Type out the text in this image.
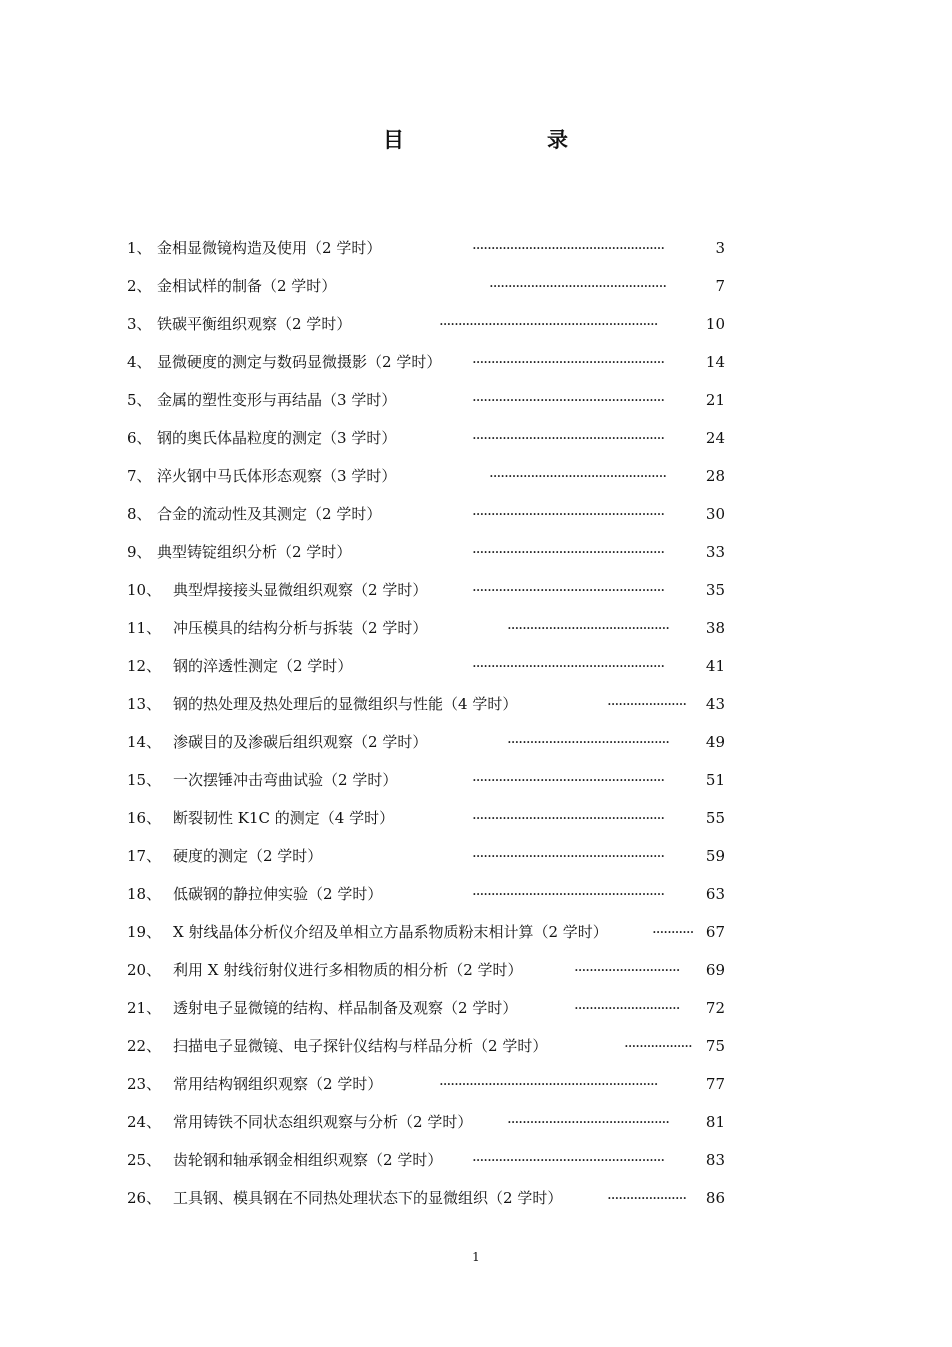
目	录
1、 金相显微镜构造及使用（2 学时）	···················································	3
2、 金相试样的制备（2 学时）	···············································	7
3、 铁碳平衡组织观察（2 学时）	··························································	10
4、 显微硬度的测定与数码显微摄影（2 学时） ···················································	14
5、 金属的塑性变形与再结晶（3 学时）	···················································	21
6、 钢的奥氏体晶粒度的测定（3 学时）	···················································	24
7、 淬火钢中马氏体形态观察（3 学时）	···············································	28
8、 合金的流动性及其测定（2 学时）	···················································	30
9、 典型铸锭组织分析（2 学时）	···················································	33
10、 典型焊接接头显微组织观察（2 学时）	···················································	35
11、 冲压模具的结构分析与拆装（2 学时）	···········································	38
12、 钢的淬透性测定（2 学时）	···················································	41
13、 钢的热处理及热处理后的显微组织与性能（4 学时）	·····················	43
14、 渗碳目的及渗碳后组织观察（2 学时）	···········································	49
15、 一次摆锤冲击弯曲试验（2 学时）	···················································	51
16、 断裂韧性 K1C 的测定（4 学时）	···················································	55
17、 硬度的测定（2 学时）	···················································	59
18、 低碳钢的静拉伸实验（2 学时）	···················································	63
19、 X 射线晶体分析仪介绍及单相立方晶系物质粉末相计算（2 学时）	··········· 67
20、 利用 X 射线衍射仪进行多相物质的相分析（2 学时）	····························	69
21、 透射电子显微镜的结构、样品制备及观察（2 学时）	····························	72
22、 扫描电子显微镜、电子探针仪结构与样品分析（2 学时）	·················· 75
23、 常用结构钢组织观察（2 学时）	··························································	77
24、 常用铸铁不同状态组织观察与分析（2 学时） ···········································	81
25、 齿轮钢和轴承钢金相组织观察（2 学时） ···················································	83
26、 工具钢、模具钢在不同热处理状态下的显微组织（2 学时）	·····················	86
1
